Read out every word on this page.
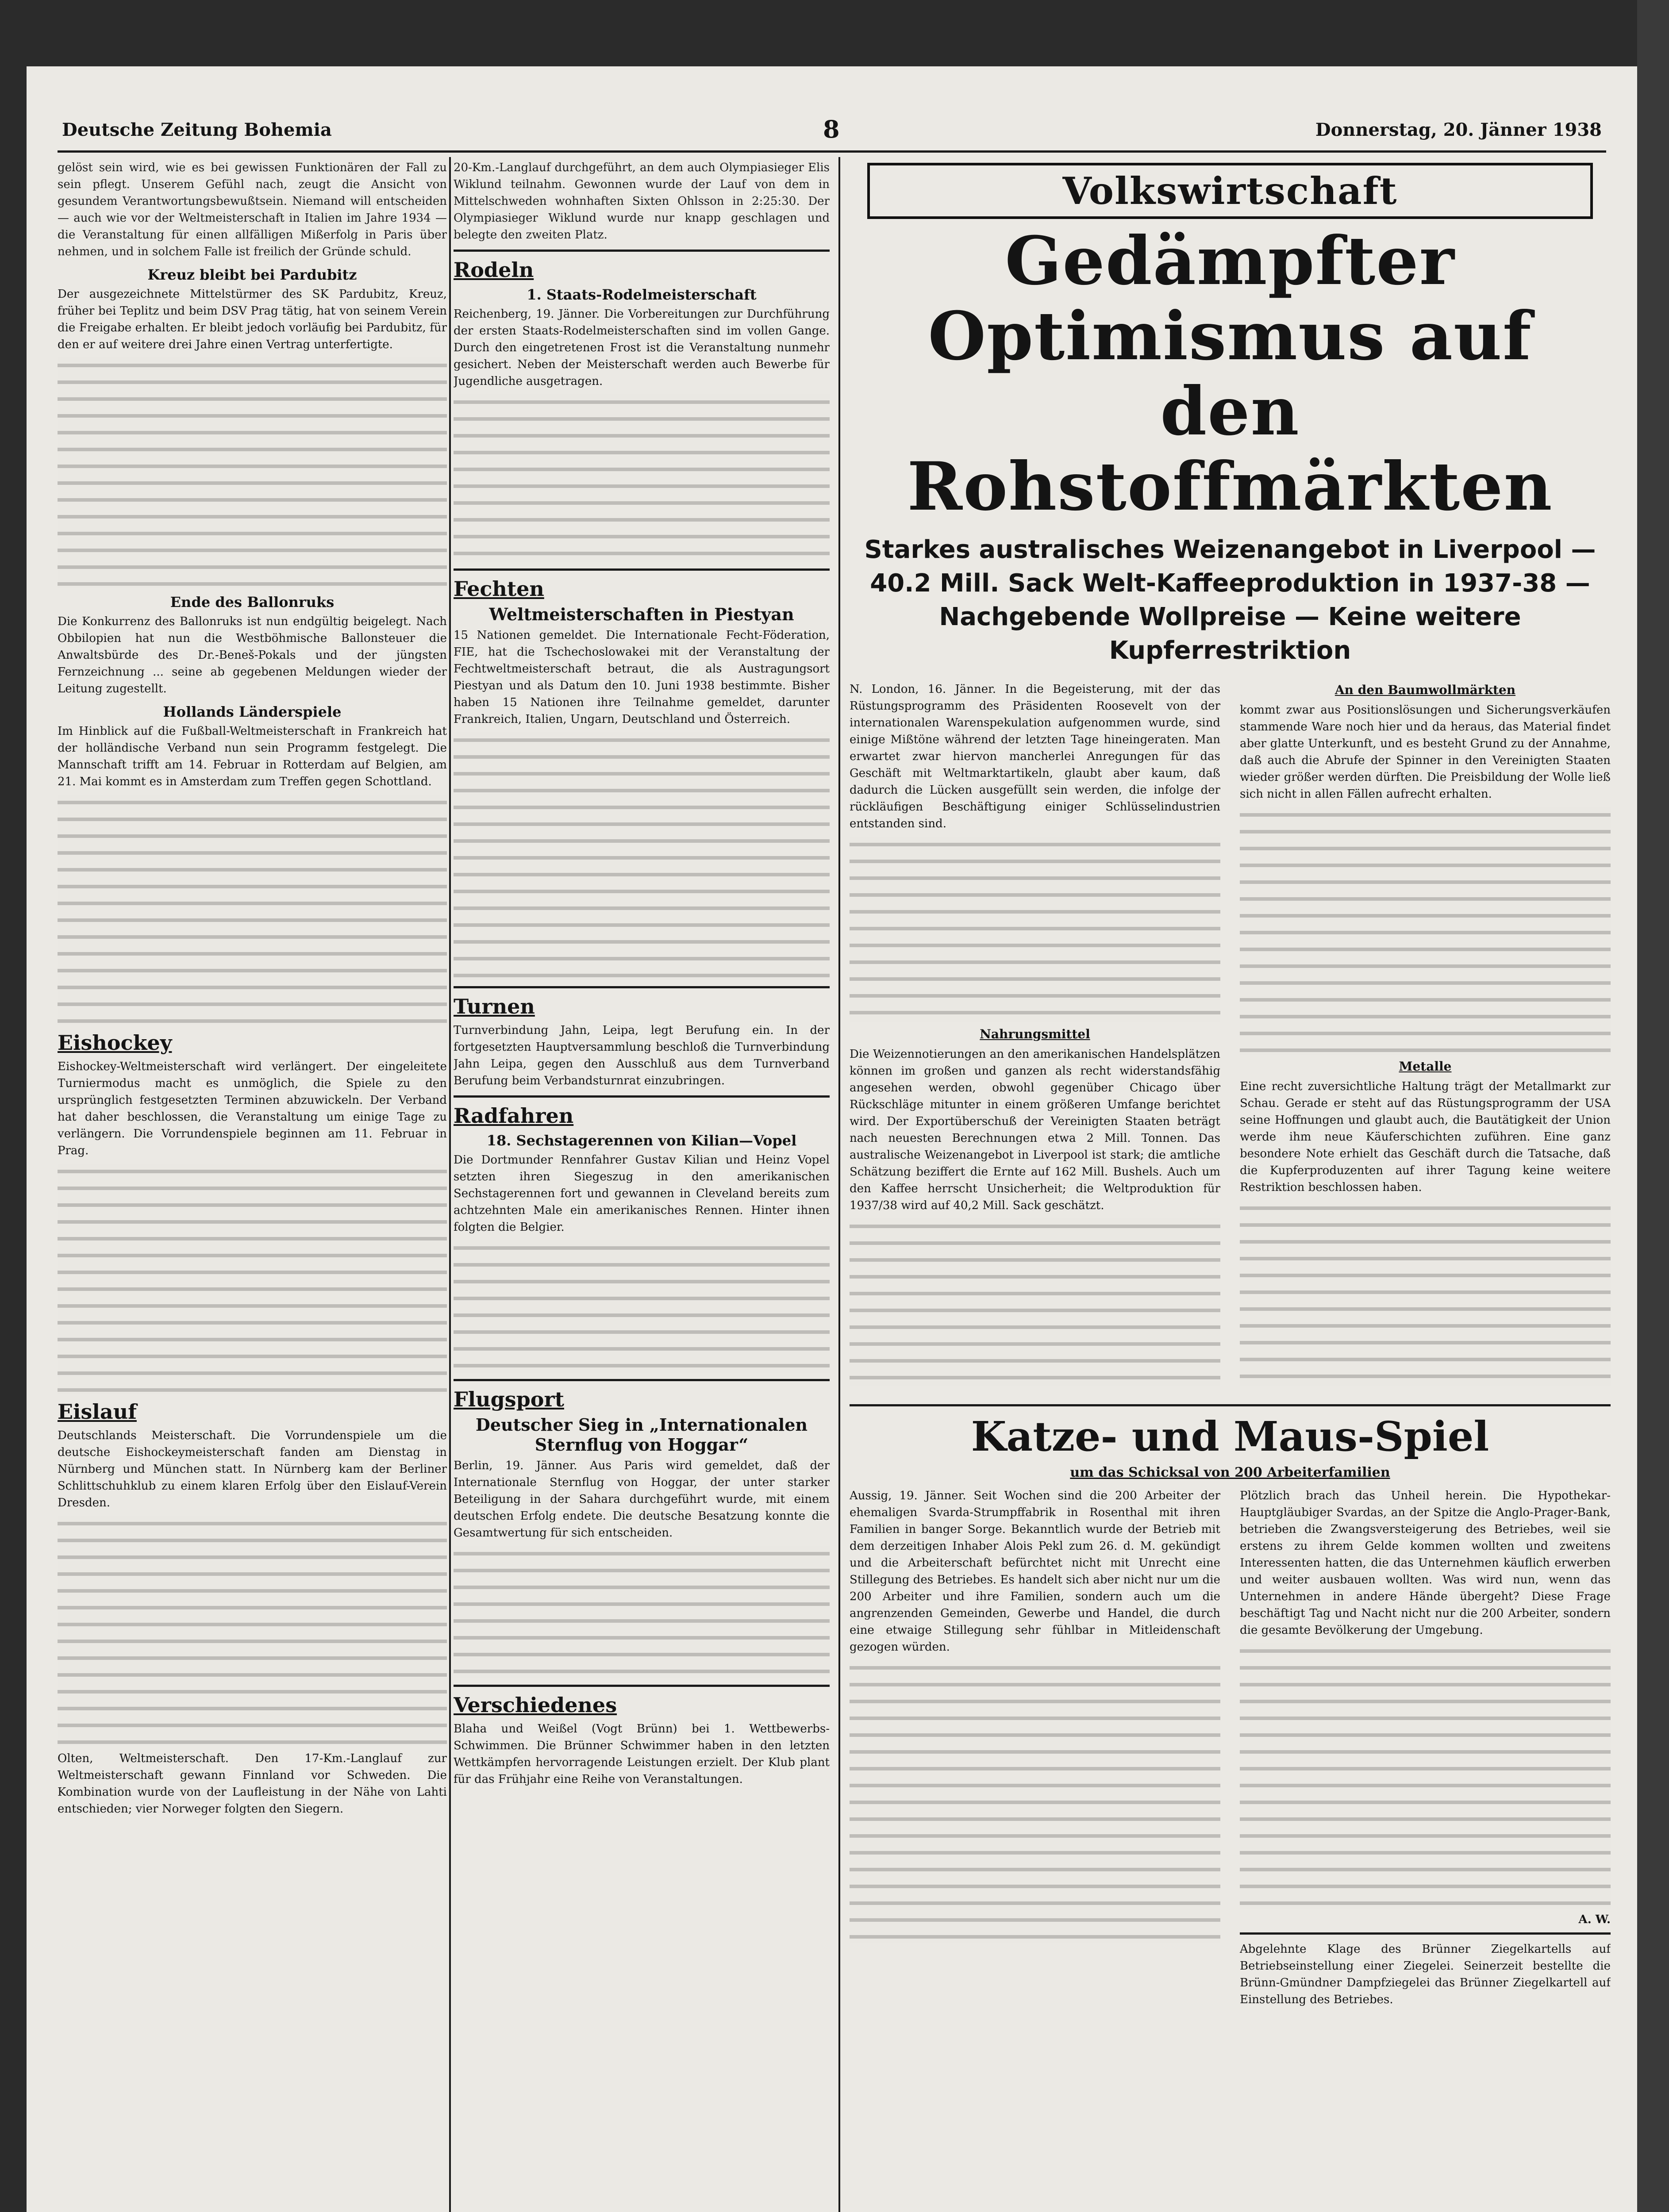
Deutsche Zeitung Bohemia	8	Donnerstag, 20. Jänner 1938

gelöst sein wird, wie es bei gewissen Funktionären der Fall zu sein pflegt. Unserem Gefühl nach, zeugt die Ansicht von gesundem Verantwortungsbewußtsein. Niemand will entscheiden — auch wie vor der Weltmeisterschaft in Italien im Jahre 1934 — die Veranstaltung für einen allfälligen Mißerfolg in Paris über nehmen, und in solchem Falle ist freilich der Gründe schuld.

Kreuz bleibt bei Pardubitz

Der ausgezeichnete Mittelstürmer des SK Pardubitz, Kreuz, früher bei Teplitz und beim DSV Prag tätig, hat von seinem Verein die Freigabe erhalten. Er bleibt jedoch vorläufig bei Pardubitz, für den er auf weitere drei Jahre einen Vertrag unterfertigte.

Ende des Ballonruks

Die Konkurrenz des Ballonruks ist nun endgültig beigelegt. Nach Obbilopien hat nun die Westböhmische Ballonsteuer die Anwaltsbürde des Dr.-Beneš-Pokals und der jüngsten Fernzeichnung ... seine ab gegebenen Meldungen wieder der Leitung zugestellt.

Hollands Länderspiele

Im Hinblick auf die Fußball-Weltmeisterschaft in Frankreich hat der holländische Verband nun sein Programm festgelegt. Die Mannschaft trifft am 14. Februar in Rotterdam auf Belgien, am 21. Mai kommt es in Amsterdam zum Treffen gegen Schottland.

Eishockey

Eishockey-Weltmeisterschaft wird verlängert. Der eingeleitete Turniermodus macht es unmöglich, die Spiele zu den ursprünglich festgesetzten Terminen abzuwickeln. Der Verband hat daher beschlossen, die Veranstaltung um einige Tage zu verlängern. Die Vorrundenspiele beginnen am 11. Februar in Prag.

Eislauf

Deutschlands Meisterschaft. Die Vorrundenspiele um die deutsche Eishockeymeisterschaft fanden am Dienstag in Nürnberg und München statt. In Nürnberg kam der Berliner Schlittschuhklub zu einem klaren Erfolg über den Eislauf-Verein Dresden.

Olten, Weltmeisterschaft. Den 17-Km.-Langlauf zur Weltmeisterschaft gewann Finnland vor Schweden. Die Kombination wurde von der Laufleistung in der Nähe von Lahti entschieden; vier Norweger folgten den Siegern.

20-Km.-Langlauf durchgeführt, an dem auch Olympiasieger Elis Wiklund teilnahm. Gewonnen wurde der Lauf von dem in Mittelschweden wohnhaften Sixten Ohlsson in 2:25:30. Der Olympiasieger Wiklund wurde nur knapp geschlagen und belegte den zweiten Platz.

Rodeln
1. Staats-Rodelmeisterschaft

Reichenberg, 19. Jänner. Die Vorbereitungen zur Durchführung der ersten Staats-Rodelmeisterschaften sind im vollen Gange. Durch den eingetretenen Frost ist die Veranstaltung nunmehr gesichert. Neben der Meisterschaft werden auch Bewerbe für Jugendliche ausgetragen.

Fechten
Weltmeisterschaften in Piestyan

15 Nationen gemeldet. Die Internationale Fecht-Föderation, FIE, hat die Tschechoslowakei mit der Veranstaltung der Fechtweltmeisterschaft betraut, die als Austragungsort Piestyan und als Datum den 10. Juni 1938 bestimmte. Bisher haben 15 Nationen ihre Teilnahme gemeldet, darunter Frankreich, Italien, Ungarn, Deutschland und Österreich.

Turnen

Turnverbindung Jahn, Leipa, legt Berufung ein. In der fortgesetzten Hauptversammlung beschloß die Turnverbindung Jahn Leipa, gegen den Ausschluß aus dem Turnverband Berufung beim Verbandsturnrat einzubringen.

Radfahren
18. Sechstagerennen von Kilian—Vopel

Die Dortmunder Rennfahrer Gustav Kilian und Heinz Vopel setzten ihren Siegeszug in den amerikanischen Sechstagerennen fort und gewannen in Cleveland bereits zum achtzehnten Male ein amerikanisches Rennen. Hinter ihnen folgten die Belgier.

Flugsport
Deutscher Sieg in „Internationalen Sternflug von Hoggar“

Berlin, 19. Jänner. Aus Paris wird gemeldet, daß der Internationale Sternflug von Hoggar, der unter starker Beteiligung in der Sahara durchgeführt wurde, mit einem deutschen Erfolg endete. Die deutsche Besatzung konnte die Gesamtwertung für sich entscheiden.

Verschiedenes

Blaha und Weißel (Vogt Brünn) bei 1. Wettbewerbs-Schwimmen. Die Brünner Schwimmer haben in den letzten Wettkämpfen hervorragende Leistungen erzielt. Der Klub plant für das Frühjahr eine Reihe von Veranstaltungen.

Volkswirtschaft
Gedämpfter Optimismus auf den Rohstoffmärkten
Starkes australisches Weizenangebot in Liverpool — 40.2 Mill. Sack Welt-Kaffeeproduktion in 1937-38 — Nachgebende Wollpreise — Keine weitere Kupferrestriktion

N. London, 16. Jänner. In die Begeisterung, mit der das Rüstungsprogramm des Präsidenten Roosevelt von der internationalen Warenspekulation aufgenommen wurde, sind einige Mißtöne während der letzten Tage hineingeraten. Man erwartet zwar hiervon mancherlei Anregungen für das Geschäft mit Weltmarktartikeln, glaubt aber kaum, daß dadurch die Lücken ausgefüllt sein werden, die infolge der rückläufigen Beschäftigung einiger Schlüsselindustrien entstanden sind.

Nahrungsmittel

Die Weizennotierungen an den amerikanischen Handelsplätzen können im großen und ganzen als recht widerstandsfähig angesehen werden, obwohl gegenüber Chicago über Rückschläge mitunter in einem größeren Umfange berichtet wird. Der Exportüberschuß der Vereinigten Staaten beträgt nach neuesten Berechnungen etwa 2 Mill. Tonnen. Das australische Weizenangebot in Liverpool ist stark; die amtliche Schätzung beziffert die Ernte auf 162 Mill. Bushels. Auch um den Kaffee herrscht Unsicherheit; die Weltproduktion für 1937/38 wird auf 40,2 Mill. Sack geschätzt.

An den Baumwollmärkten

kommt zwar aus Positionslösungen und Sicherungsverkäufen stammende Ware noch hier und da heraus, das Material findet aber glatte Unterkunft, und es besteht Grund zu der Annahme, daß auch die Abrufe der Spinner in den Vereinigten Staaten wieder größer werden dürften. Die Preisbildung der Wolle ließ sich nicht in allen Fällen aufrecht erhalten.

Metalle

Eine recht zuversichtliche Haltung trägt der Metallmarkt zur Schau. Gerade er steht auf das Rüstungsprogramm der USA seine Hoffnungen und glaubt auch, die Bautätigkeit der Union werde ihm neue Käuferschichten zuführen. Eine ganz besondere Note erhielt das Geschäft durch die Tatsache, daß die Kupferproduzenten auf ihrer Tagung keine weitere Restriktion beschlossen haben.

Katze- und Maus-Spiel
um das Schicksal von 200 Arbeiterfamilien

Aussig, 19. Jänner. Seit Wochen sind die 200 Arbeiter der ehemaligen Svarda-Strumpffabrik in Rosenthal mit ihren Familien in banger Sorge. Bekanntlich wurde der Betrieb mit dem derzeitigen Inhaber Alois Pekl zum 26. d. M. gekündigt und die Arbeiterschaft befürchtet nicht mit Unrecht eine Stillegung des Betriebes. Es handelt sich aber nicht nur um die 200 Arbeiter und ihre Familien, sondern auch um die angrenzenden Gemeinden, Gewerbe und Handel, die durch eine etwaige Stillegung sehr fühlbar in Mitleidenschaft gezogen würden.

Plötzlich brach das Unheil herein. Die Hypothekar-Hauptgläubiger Svardas, an der Spitze die Anglo-Prager-Bank, betrieben die Zwangsversteigerung des Betriebes, weil sie erstens zu ihrem Gelde kommen wollten und zweitens Interessenten hatten, die das Unternehmen käuflich erwerben und weiter ausbauen wollten. Was wird nun, wenn das Unternehmen in andere Hände übergeht? Diese Frage beschäftigt Tag und Nacht nicht nur die 200 Arbeiter, sondern die gesamte Bevölkerung der Umgebung.

A. W.

Abgelehnte Klage des Brünner Ziegelkartells auf Betriebseinstellung einer Ziegelei. Seinerzeit bestellte die Brünn-Gmündner Dampfziegelei das Brünner Ziegelkartell auf Einstellung des Betriebes.
